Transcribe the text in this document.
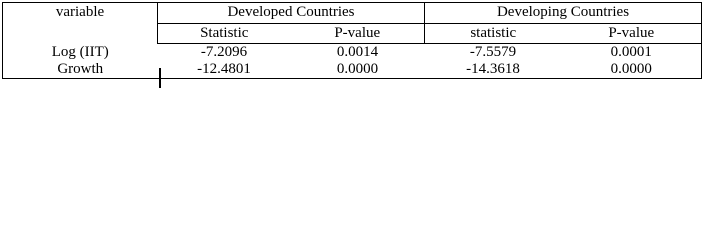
variable	Developed Countries		Developing Countries	
	Statistic	P-value	statistic	P-value
Log (IIT)	-7.2096	0.0014	-7.5579	0.0001
Growth	-12.4801	0.0000	-14.3618	0.0000
